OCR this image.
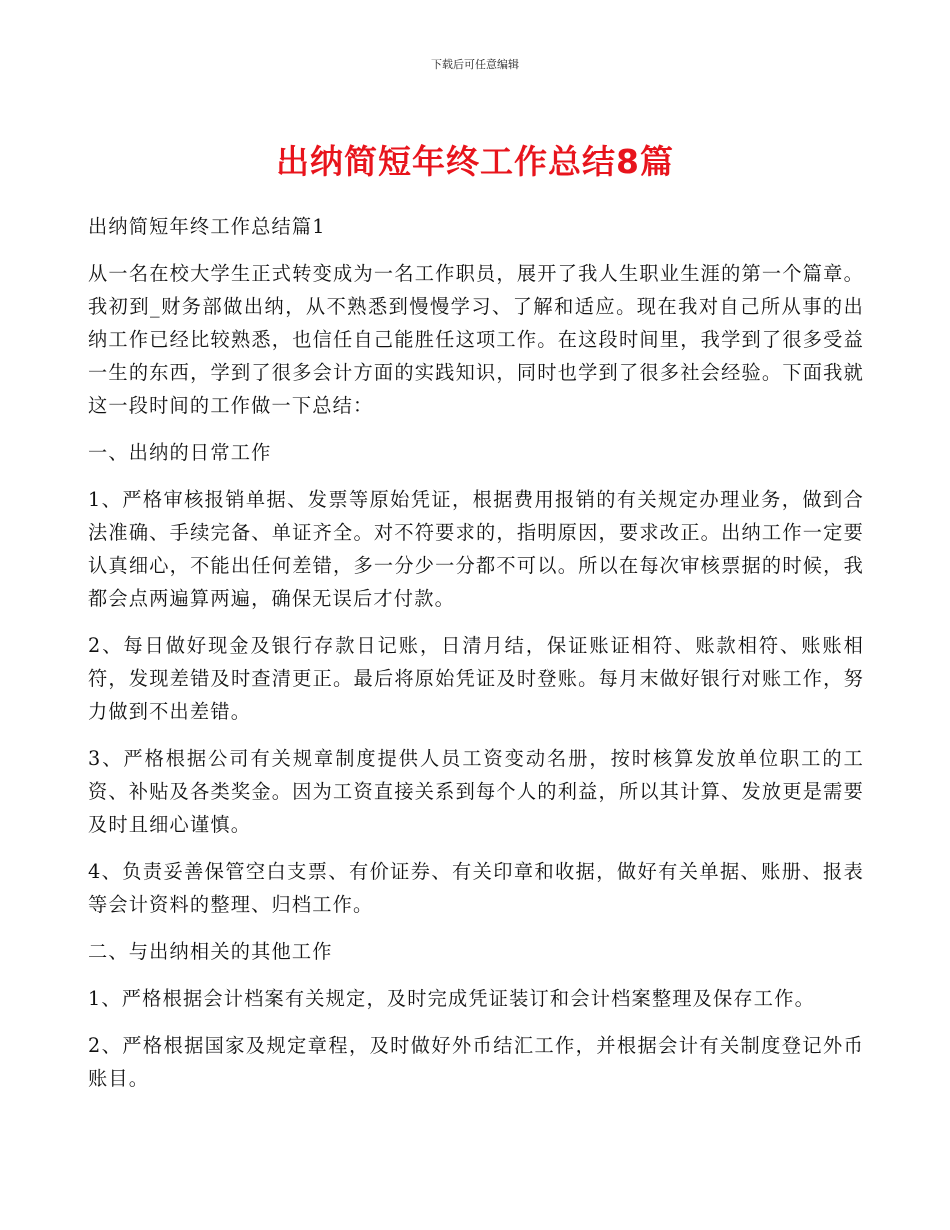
下载后可任意编辑
出纳简短年终工作总结8篇

出纳简短年终工作总结篇1

从一名在校大学生正式转变成为一名工作职员，展开了我人生职业生涯的第一个篇章。我初到_财务部做出纳，从不熟悉到慢慢学习、了解和适应。现在我对自己所从事的出纳工作已经比较熟悉，也信任自己能胜任这项工作。在这段时间里，我学到了很多受益一生的东西，学到了很多会计方面的实践知识，同时也学到了很多社会经验。下面我就这一段时间的工作做一下总结：

一、出纳的日常工作

1、严格审核报销单据、发票等原始凭证，根据费用报销的有关规定办理业务，做到合法准确、手续完备、单证齐全。对不符要求的，指明原因，要求改正。出纳工作一定要认真细心，不能出任何差错，多一分少一分都不可以。所以在每次审核票据的时候，我都会点两遍算两遍，确保无误后才付款。

2、每日做好现金及银行存款日记账，日清月结，保证账证相符、账款相符、账账相符，发现差错及时查清更正。最后将原始凭证及时登账。每月末做好银行对账工作，努力做到不出差错。

3、严格根据公司有关规章制度提供人员工资变动名册，按时核算发放单位职工的工资、补贴及各类奖金。因为工资直接关系到每个人的利益，所以其计算、发放更是需要及时且细心谨慎。

4、负责妥善保管空白支票、有价证券、有关印章和收据，做好有关单据、账册、报表等会计资料的整理、归档工作。

二、与出纳相关的其他工作

1、严格根据会计档案有关规定，及时完成凭证装订和会计档案整理及保存工作。

2、严格根据国家及规定章程，及时做好外币结汇工作，并根据会计有关制度登记外币账目。
